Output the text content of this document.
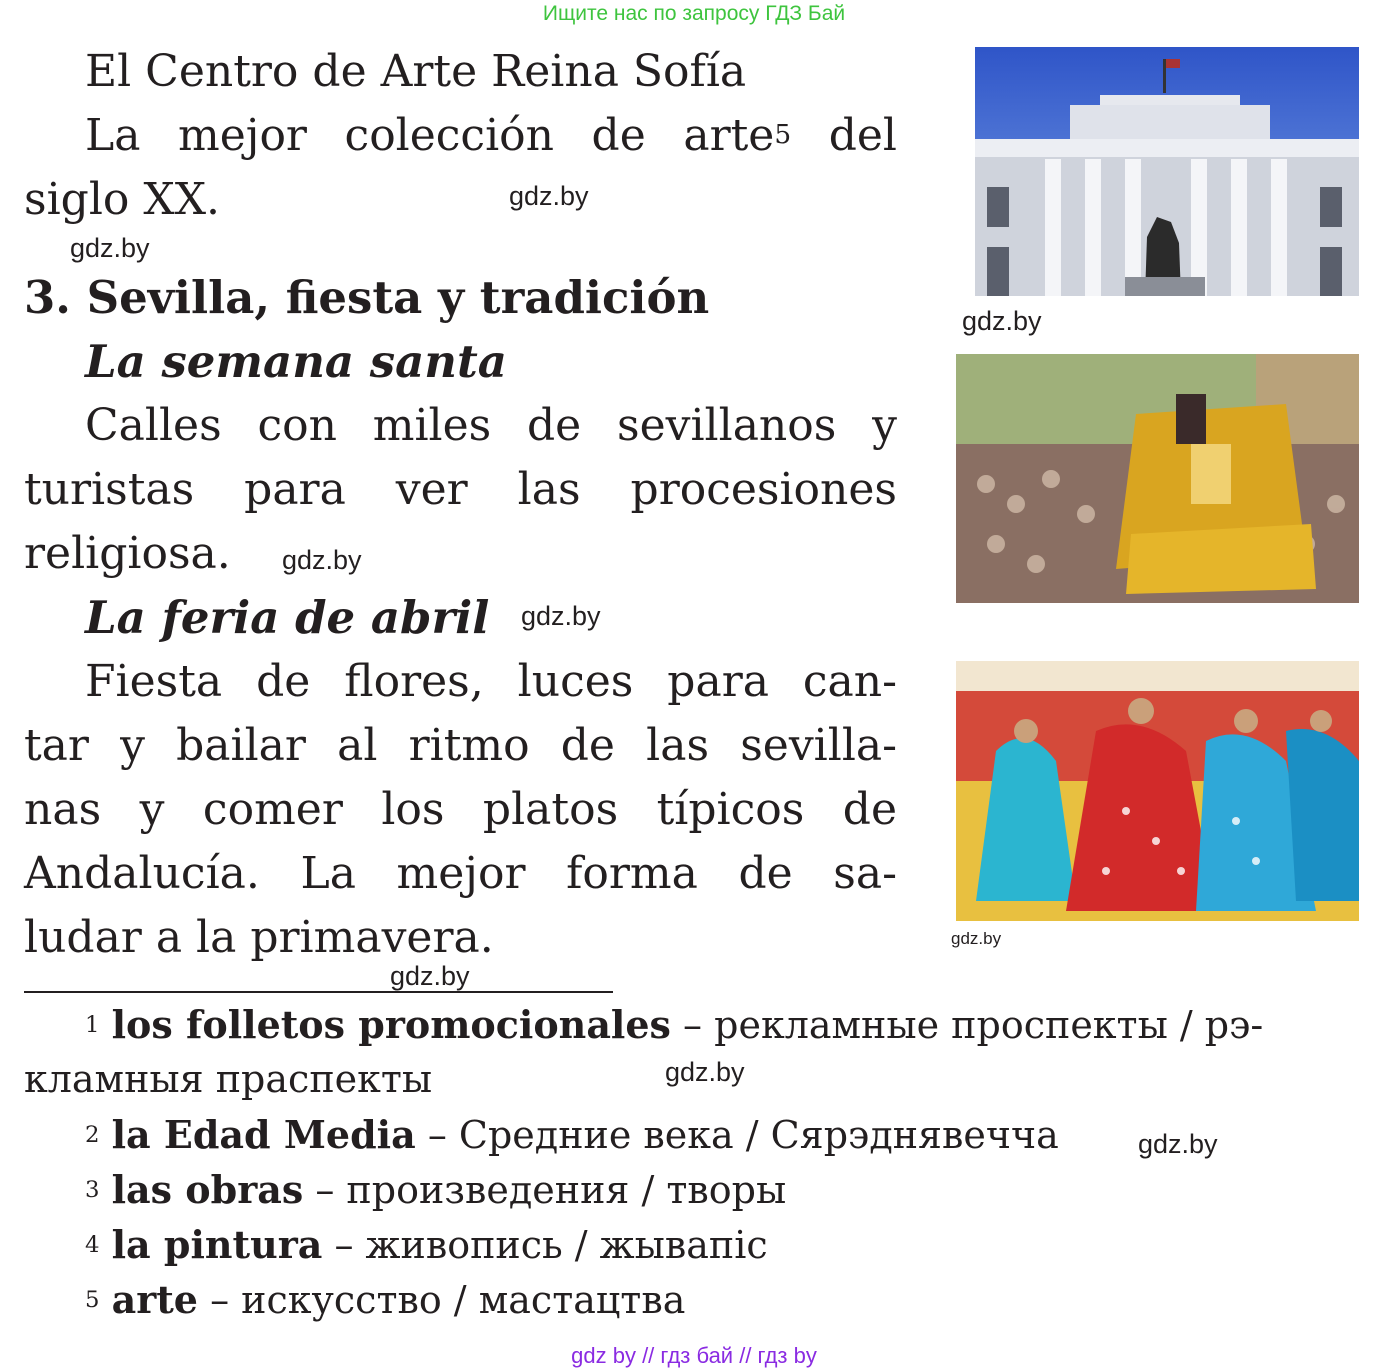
Ищите нас по запросу ГДЗ Бай
El Centro de Arte Reina Sofía
La mejor colección de arte$^5$ del
siglo XX.	gdz.by
gdz.by
3. Sevilla, fiesta y tradición
La semana santa
Calles con miles de sevillanos y
turistas para ver las procesiones
religiosa. gdz.by
La feria de abril gdz.by
Fiesta de flores, luces para can-
tar y bailar al ritmo de las sevilla-
nas y comer los platos típicos de
Andalucía. La mejor forma de sa-
ludar a la primavera.
gdz.by
gdz.by
gdz.by
$^1$ los folletos promocionales – рекламные проспекты / рэ-
кламныя праспекты	gdz.by
$^2$ la Edad Media – Средние века / Сярэднявечча	gdz.by
$^3$ las obras – произведения / творы
$^4$ la pintura – живопись / жывапіс
$^5$ arte – искусство / мастацтва
gdz by // гдз бай // гдз by
